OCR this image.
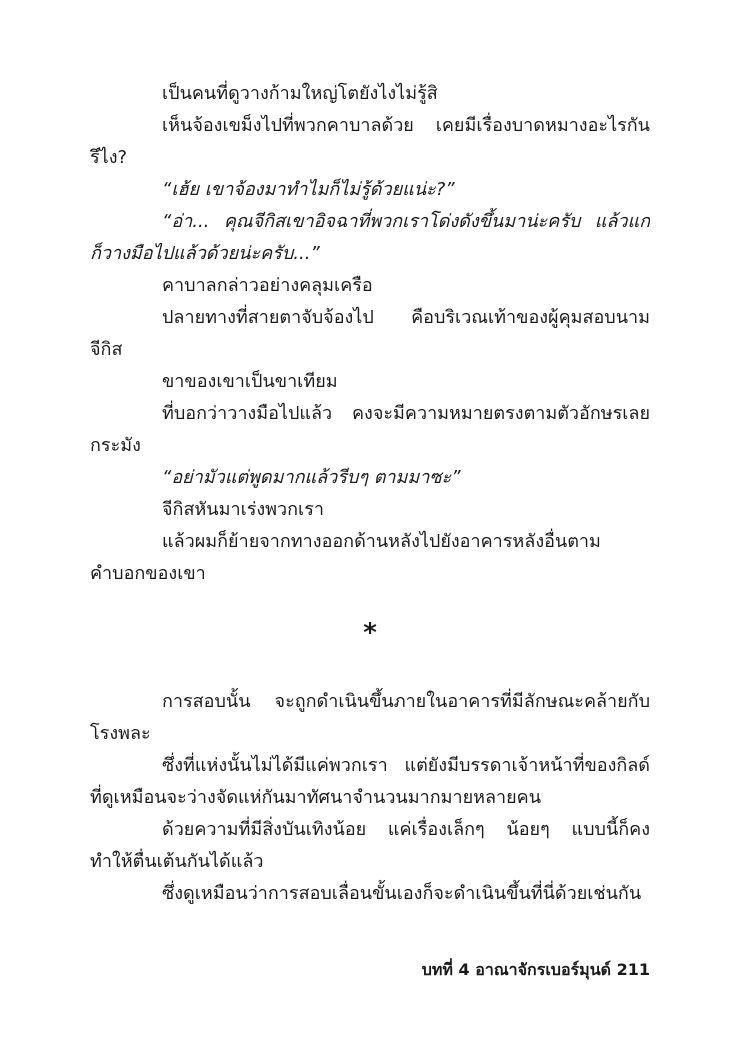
เป็นคนที่ดูวางก้ามใหญ่โตยังไงไม่รู้สิ
เห็นจ้องเขม็งไปที่พวกคาบาลด้วย เคยมีเรื่องบาดหมางอะไรกัน
รึไง?
“เฮ้ย เขาจ้องมาทำไมก็ไม่รู้ด้วยแน่ะ?”
“อ่า... คุณจีกิสเขาอิจฉาที่พวกเราโด่งดังขึ้นมาน่ะครับ แล้วแก
ก็วางมือไปแล้วด้วยน่ะครับ...”
คาบาลกล่าวอย่างคลุมเครือ
ปลายทางที่สายตาจับจ้องไป คือบริเวณเท้าของผู้คุมสอบนาม
จีกิส
ขาของเขาเป็นขาเทียม
ที่บอกว่าวางมือไปแล้ว คงจะมีความหมายตรงตามตัวอักษรเลย
กระมัง
“อย่ามัวแต่พูดมากแล้วรีบๆ ตามมาซะ”
จีกิสหันมาเร่งพวกเรา
แล้วผมก็ย้ายจากทางออกด้านหลังไปยังอาคารหลังอื่นตาม
คำบอกของเขา
*
การสอบนั้น จะถูกดำเนินขึ้นภายในอาคารที่มีลักษณะคล้ายกับ
โรงพละ
ซึ่งที่แห่งนั้นไม่ได้มีแค่พวกเรา แต่ยังมีบรรดาเจ้าหน้าที่ของกิลด์
ที่ดูเหมือนจะว่างจัดแห่กันมาทัศนาจำนวนมากมายหลายคน
ด้วยความที่มีสิ่งบันเทิงน้อย แค่เรื่องเล็กๆ น้อยๆ แบบนี้ก็คง
ทำให้ตื่นเต้นกันได้แล้ว
ซึ่งดูเหมือนว่าการสอบเลื่อนขั้นเองก็จะดำเนินขึ้นที่นี่ด้วยเช่นกัน
บทที่ 4 อาณาจักรเบอร์มุนด์ 211
